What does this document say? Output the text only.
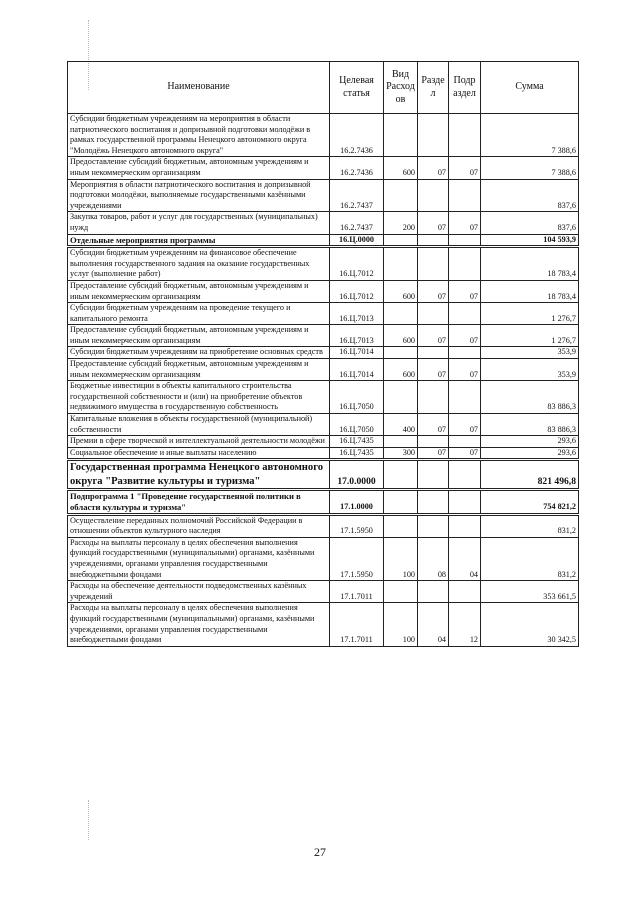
Наименование	Целевая статья	Вид Расход ов	Разде л	Подр аздел	Сумма
Субсидии бюджетным учреждениям на мероприятия в области патриотического воспитания и допризывной подготовки молодёжи в рамках государственной программы Ненецкого автономного округа "Молодёжь Ненецкого автономного округа"	16.2.7436				7 388,6
Предоставление субсидий бюджетным, автономным учреждениям и иным некоммерческим организациям	16.2.7436	600	07	07	7 388,6
Мероприятия в области патриотического воспитания и допризывной подготовки молодёжи, выполняемые государственными казёнными учреждениями	16.2.7437				837,6
Закупка товаров, работ и услуг для государственных (муниципальных) нужд	16.2.7437	200	07	07	837,6
Отдельные мероприятия программы	16.Ц.0000				104 593,9
Субсидии бюджетным учреждениям на финансовое обеспечение выполнения государственного задания на оказание государственных услуг (выполнение работ)	16.Ц.7012				18 783,4
Предоставление субсидий бюджетным, автономным учреждениям и иным некоммерческим организациям	16.Ц.7012	600	07	07	18 783,4
Субсидии бюджетным учреждениям на проведение текущего и капитального ремонта	16.Ц.7013				1 276,7
Предоставление субсидий бюджетным, автономным учреждениям и иным некоммерческим организациям	16.Ц.7013	600	07	07	1 276,7
Субсидии бюджетным учреждениям на приобретение основных средств	16.Ц.7014				353,9
Предоставление субсидий бюджетным, автономным учреждениям и иным некоммерческим организациям	16.Ц.7014	600	07	07	353,9
Бюджетные инвестиции в объекты капитального строительства государственной собственности и (или) на приобретение объектов недвижимого имущества в государственную собственность	16.Ц.7050				83 886,3
Капитальные вложения в объекты государственной (муниципальной) собственности	16.Ц.7050	400	07	07	83 886,3
Премии в сфере творческой и интеллектуальной деятельности молодёжи	16.Ц.7435				293,6
Социальное обеспечение и иные выплаты населению	16.Ц.7435	300	07	07	293,6
Государственная программа Ненецкого автономного округа "Развитие культуры и туризма"	17.0.0000				821 496,8
Подпрограмма 1 "Проведение государственной политики в области культуры и туризма"	17.1.0000				754 821,2
Осуществление переданных полномочий Российской Федерации в отношении объектов культурного наследия	17.1.5950				831,2
Расходы на выплаты персоналу в целях обеспечения выполнения функций государственными (муниципальными) органами, казёнными учреждениями, органами управления государственными внебюджетными фондами	17.1.5950	100	08	04	831,2
Расходы на обеспечение деятельности подведомственных казённых учреждений	17.1.7011				353 661,5
Расходы на выплаты персоналу в целях обеспечения выполнения функций государственными (муниципальными) органами, казёнными учреждениями, органами управления государственными внебюджетными фондами	17.1.7011	100	04	12	30 342,5
27
